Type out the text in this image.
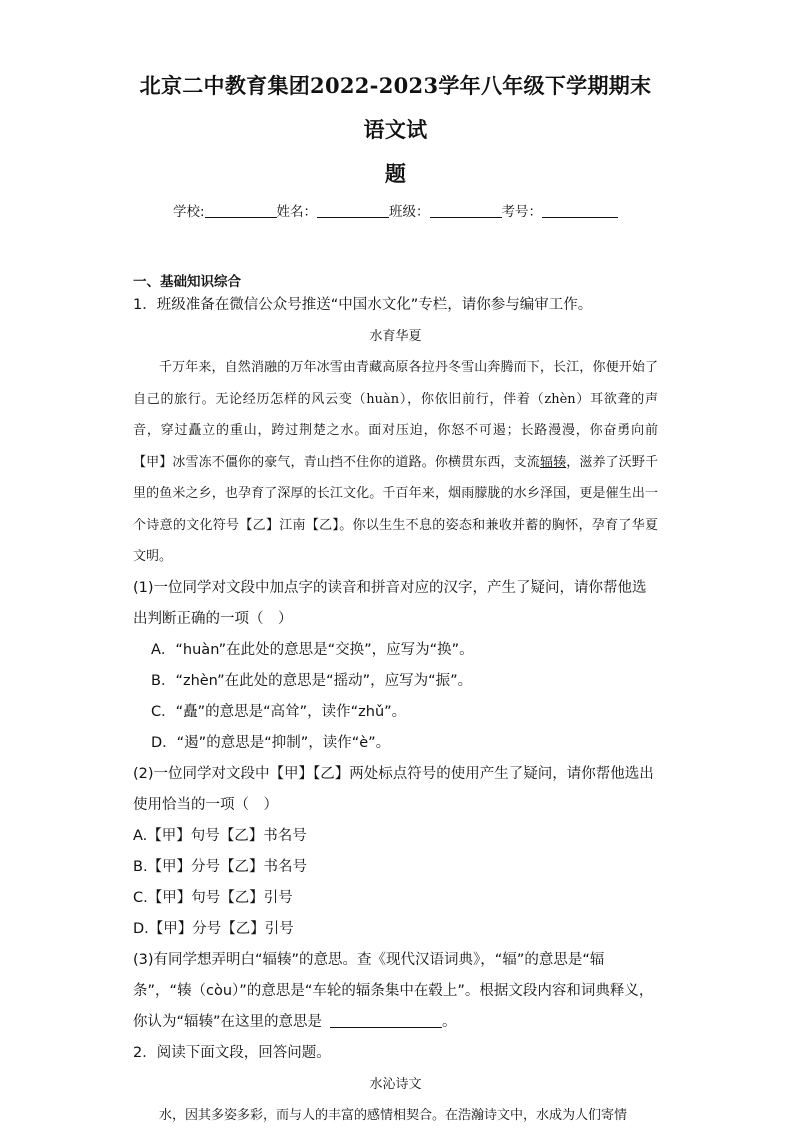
北京二中教育集团2022-2023学年八年级下学期期末语文试

题

学校:	姓名：	班级：	考号：
一、基础知识综合

1．班级准备在微信公众号推送“中国水文化”专栏，请你参与编审工作。

水育华夏

千万年来，自然消融的万年冰雪由青藏高原各拉丹冬雪山奔腾而下，长江，你便开始了自己的旅行。无论经历怎样的风云变（huàn），你依旧前行，伴着（zhèn）耳欲聋的声音，穿过矗立的重山，跨过荆楚之水。面对压迫，你怒不可遏；长路漫漫，你奋勇向前【甲】冰雪冻不僵你的豪气，青山挡不住你的道路。你横贯东西，支流辐辏，滋养了沃野千里的鱼米之乡，也孕育了深厚的长江文化。千百年来，烟雨朦胧的水乡泽国，更是催生出一个诗意的文化符号【乙】江南【乙】。你以生生不息的姿态和兼收并蓄的胸怀，孕育了华夏文明。

(1)一位同学对文段中加点字的读音和拼音对应的汉字，产生了疑问，请你帮他选出判断正确的一项（　）

A．“huàn”在此处的意思是“交换”，应写为“换”。

B．“zhèn”在此处的意思是“摇动”，应写为“振”。

C．“矗”的意思是“高耸”，读作“zhǔ”。

D．“遏”的意思是“抑制”，读作“è”。

(2)一位同学对文段中【甲】【乙】两处标点符号的使用产生了疑问，请你帮他选出使用恰当的一项（　）

A.【甲】句号【乙】书名号

B.【甲】分号【乙】书名号

C.【甲】句号【乙】引号

D.【甲】分号【乙】引号

(3)有同学想弄明白“辐辏”的意思。查《现代汉语词典》，“辐”的意思是“辐条”，“辏（còu）”的意思是“车轮的辐条集中在毂上”。根据文段内容和词典释义，你认为“辐辏”在这里的意思是	。

2．阅读下面文段，回答问题。

水沁诗文

水，因其多姿多彩，而与人的丰富的感情相契合。在浩瀚诗文中，水成为人们寄情
